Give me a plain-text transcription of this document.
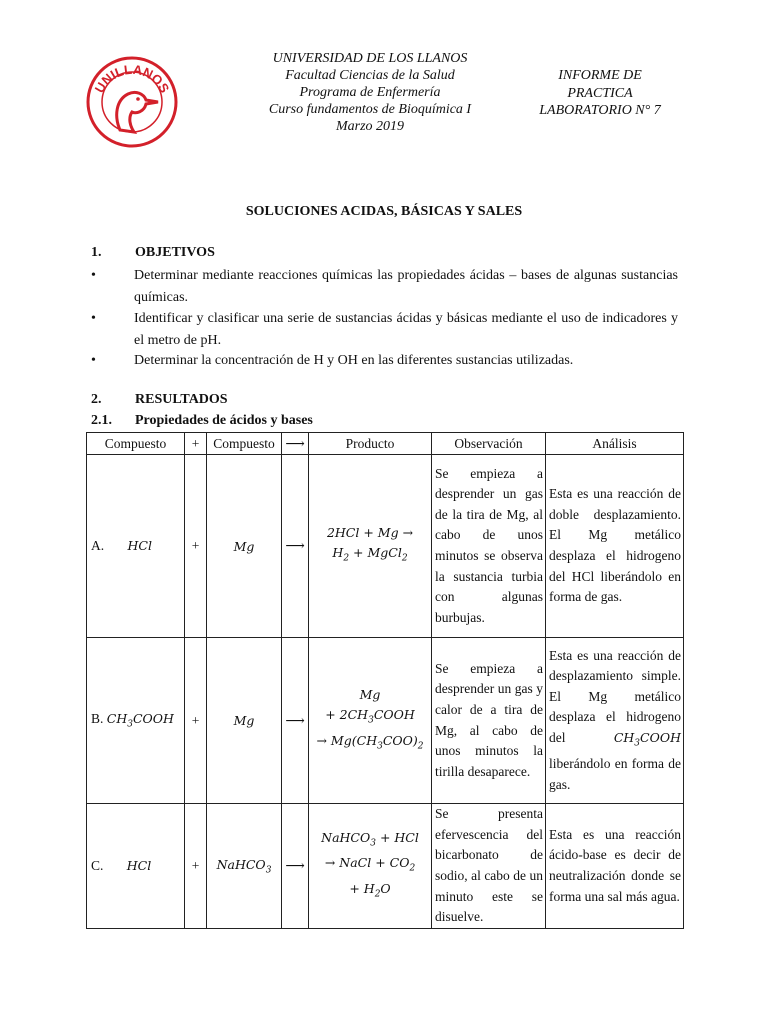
UNILLANOS
UNIVERSIDAD DE LOS LLANOS
Facultad Ciencias de la Salud
Programa de Enfermería
Curso fundamentos de Bioquímica I
Marzo 2019
INFORME DE
PRACTICA
LABORATORIO N° 7
SOLUCIONES ACIDAS, BÁSICAS Y SALES
1. OBJETIVOS
•	Determinar mediante reacciones químicas las propiedades ácidas – bases de algunas sustancias químicas.
•	Identificar y clasificar una serie de sustancias ácidas y básicas mediante el uso de indicadores y el metro de pH.
•	Determinar la concentración de H y OH en las diferentes sustancias utilizadas.
2. RESULTADOS
2.1. Propiedades de ácidos y bases
Compuesto	+	Compuesto	⟶	Producto	Observación	Análisis
A. HCl	+	Mg	⟶	2HCl + Mg →
$H_2$ + MgCl$_2$	Se empieza a desprender un gas de la tira de Mg, al cabo de unos minutos se observa la sustancia turbia con algunas burbujas.	Esta es una reacción de doble desplazamiento. El Mg metálico desplaza el hidrogeno del HCl liberándolo en forma de gas.
B. $CH_3COOH$	+	Mg	⟶	Mg
+ $2CH_3COOH$
→ $Mg(CH_3COO)_2$	Se empieza a desprender un gas y calor de a tira de Mg, al cabo de unos minutos la tirilla desaparece.	Esta es una reacción de desplazamiento simple. El Mg metálico desplaza el hidrogeno del $CH_3COOH$ liberándolo en forma de gas.
C. HCl	+	NaHCO$_3$	⟶	NaHCO$_3$ + HCl
→ NaCl + $CO_2$
+ $H_2O$	Se presenta efervescencia del bicarbonato de sodio, al cabo de un minuto este se disuelve.	Esta es una reacción ácido-base es decir de neutralización donde se forma una sal más agua.
